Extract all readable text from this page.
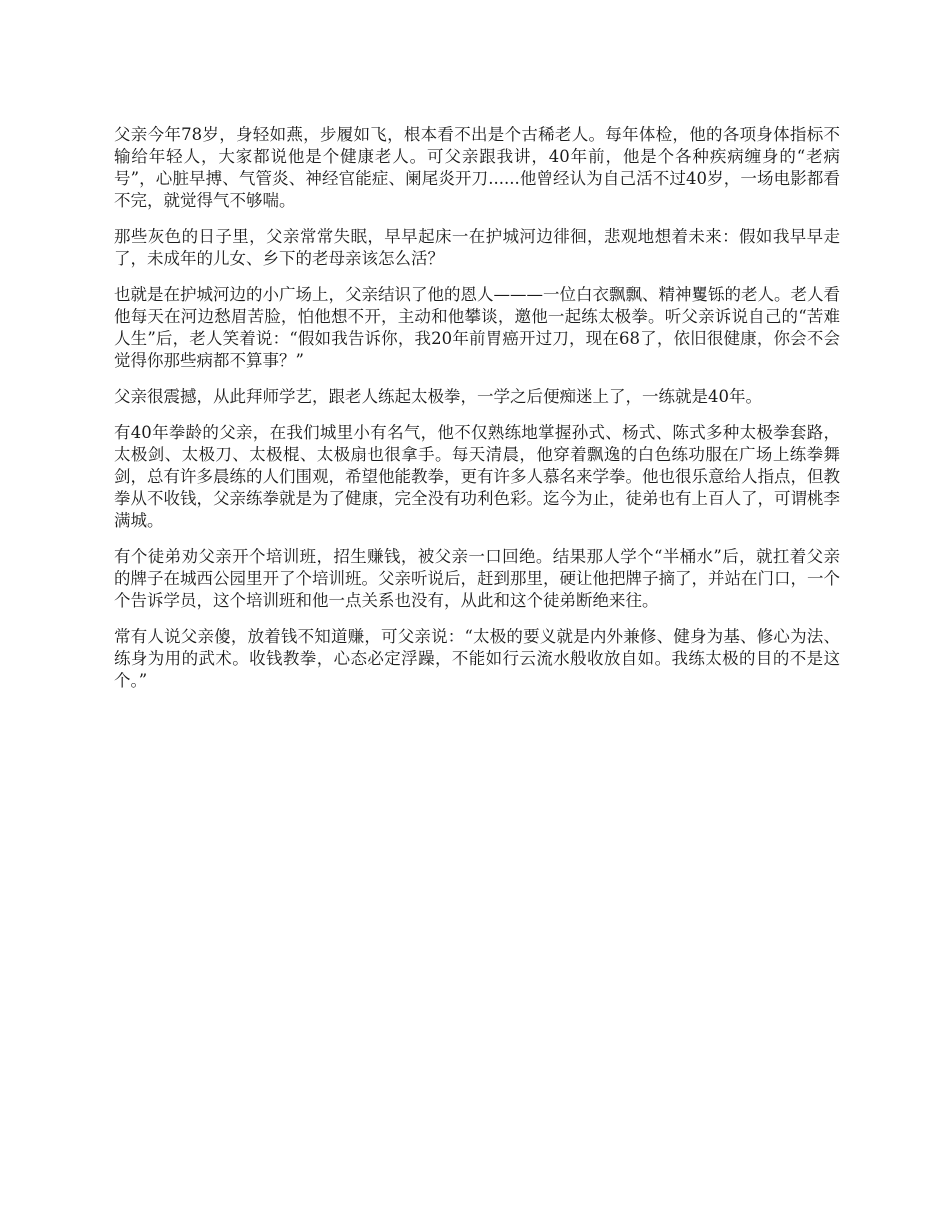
父亲今年78岁，身轻如燕，步履如飞，根本看不出是个古稀老人。每年体检，他的各项身体指标不输给年轻人，大家都说他是个健康老人。可父亲跟我讲，40年前，他是个各种疾病缠身的“老病号”，心脏早搏、气管炎、神经官能症、阑尾炎开刀......他曾经认为自己活不过40岁，一场电影都看不完，就觉得气不够喘。

那些灰色的日子里，父亲常常失眠，早早起床一在护城河边徘徊，悲观地想着未来：假如我早早走了，未成年的儿女、乡下的老母亲该怎么活？

也就是在护城河边的小广场上，父亲结识了他的恩人———一位白衣飘飘、精神矍铄的老人。老人看他每天在河边愁眉苦脸，怕他想不开，主动和他攀谈，邀他一起练太极拳。听父亲诉说自己的“苦难人生”后，老人笑着说：“假如我告诉你，我20年前胃癌开过刀，现在68了，依旧很健康，你会不会觉得你那些病都不算事？”

父亲很震撼，从此拜师学艺，跟老人练起太极拳，一学之后便痴迷上了，一练就是40年。

有40年拳龄的父亲，在我们城里小有名气，他不仅熟练地掌握孙式、杨式、陈式多种太极拳套路，太极剑、太极刀、太极棍、太极扇也很拿手。每天清晨，他穿着飘逸的白色练功服在广场上练拳舞剑，总有许多晨练的人们围观，希望他能教拳，更有许多人慕名来学拳。他也很乐意给人指点，但教拳从不收钱，父亲练拳就是为了健康，完全没有功利色彩。迄今为止，徒弟也有上百人了，可谓桃李满城。

有个徒弟劝父亲开个培训班，招生赚钱，被父亲一口回绝。结果那人学个“半桶水”后，就扛着父亲的牌子在城西公园里开了个培训班。父亲听说后，赶到那里，硬让他把牌子摘了，并站在门口，一个个告诉学员，这个培训班和他一点关系也没有，从此和这个徒弟断绝来往。

常有人说父亲傻，放着钱不知道赚，可父亲说：“太极的要义就是内外兼修、健身为基、修心为法、练身为用的武术。收钱教拳，心态必定浮躁，不能如行云流水般收放自如。我练太极的目的不是这个。”
